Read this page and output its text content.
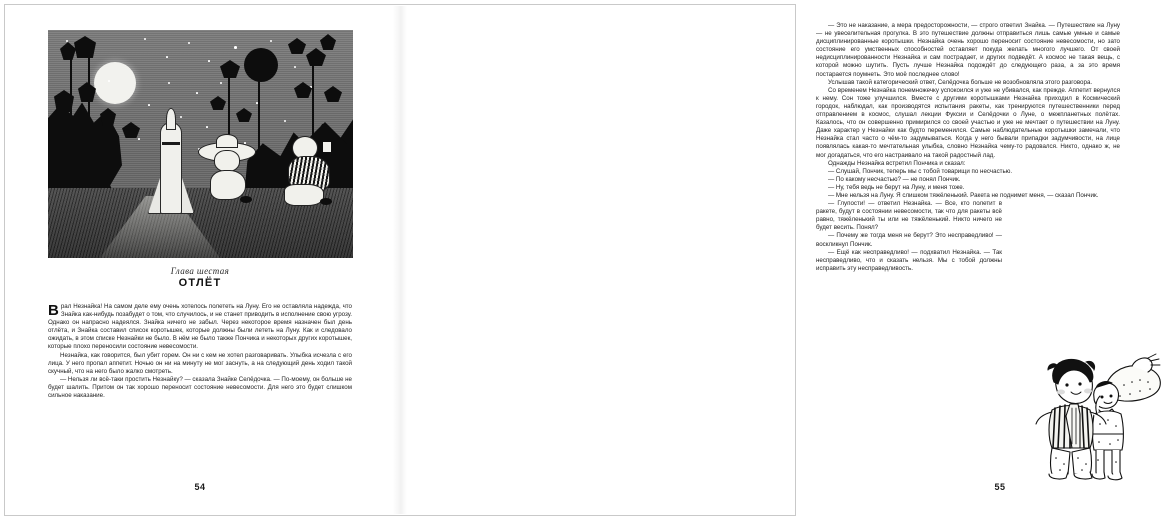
Глава шестая
ОТЛЁТ

Врал Незнайка! На самом деле ему очень хотелось полететь на Луну. Его не оставляла надежда, что Знайка как-нибудь позабудет о том, что случилось, и не станет приводить в исполнение свою угрозу. Однако он напрасно надеялся. Знайка ничего не забыл. Через некоторое время назначен был день отлёта, и Знайка составил список коротышек, которые должны были лететь на Луну. Как и следовало ожидать, в этом списке Незнайки не было. В нём не было также Пончика и некоторых других коротышек, которые плохо переносили состояние невесомости.

Незнайка, как говорится, был убит горем. Он ни с кем не хотел разговаривать. Улыбка исчезла с его лица. У него пропал аппетит. Ночью он ни на минуту не мог заснуть, а на следующий день ходил такой скучный, что на него было жалко смотреть.

— Нельзя ли всё-таки простить Незнайку? — сказала Знайке Селёдочка. — По-моему, он больше не будет шалить. Притом он так хорошо переносит состояние невесомости. Для него это будет слишком сильное наказание.

54

— Это не наказание, а мера предосторожности, — строго ответил Знайка. — Путешествие на Луну — не увеселительная прогулка. В это путешествие должны отправиться лишь самые умные и самые дисциплинированные коротышки. Незнайка очень хорошо переносит состояние невесомости, но зато состояние его умственных способностей оставляет покуда желать многого лучшего. От своей недисциплинированности Незнайка и сам пострадает, и других подведёт. А космос не такая вещь, с которой можно шутить. Пусть лучше Незнайка подождёт до следующего раза, а за это время постарается поумнеть. Это моё последнее слово!

Услышав такой категорический ответ, Селёдочка больше не возобновляла этого разговора.

Со временем Незнайка понемножечку успокоился и уже не убивался, как прежде. Аппетит вернулся к нему. Сон тоже улучшился. Вместе с другими коротышками Незнайка приходил в Космический городок, наблюдал, как производятся испытания ракеты, как тренируются путешественники перед отправлением в космос, слушал лекции Фуксии и Селёдочки о Луне, о межпланетных полётах. Казалось, что он совершенно примирился со своей участью и уже не мечтает о путешествии на Луну. Даже характер у Незнайки как будто переменился. Самые наблюдательные коротышки замечали, что Незнайка стал часто о чём-то задумываться. Когда у него бывали припадки задумчивости, на лице появлялась какая-то мечтательная улыбка, словно Незнайка чему-то радовался. Никто, однако ж, не мог догадаться, что его настраивало на такой радостный лад.

Однажды Незнайка встретил Пончика и сказал:

— Слушай, Пончик, теперь мы с тобой товарищи по несчастью.

— По какому несчастью? — не понял Пончик.

— Ну, тебя ведь не берут на Луну, и меня тоже.

— Мне нельзя на Луну. Я слишком тяжёленький. Ракета не поднимет меня, — сказал Пончик.

— Глупости! — ответил Незнайка. — Все, кто полетит в ракете, будут в состоянии невесомости, так что для ракеты всё равно, тяжёленький ты или не тяжёленький. Никто ничего не будет весить. Понял?

— Почему же тогда меня не берут? Это несправедливо! — воскликнул Пончик.

— Ещё как несправедливо! — подхватил Незнайка. — Так несправедливо, что и сказать нельзя. Мы с тобой должны исправить эту несправедливость.

55
